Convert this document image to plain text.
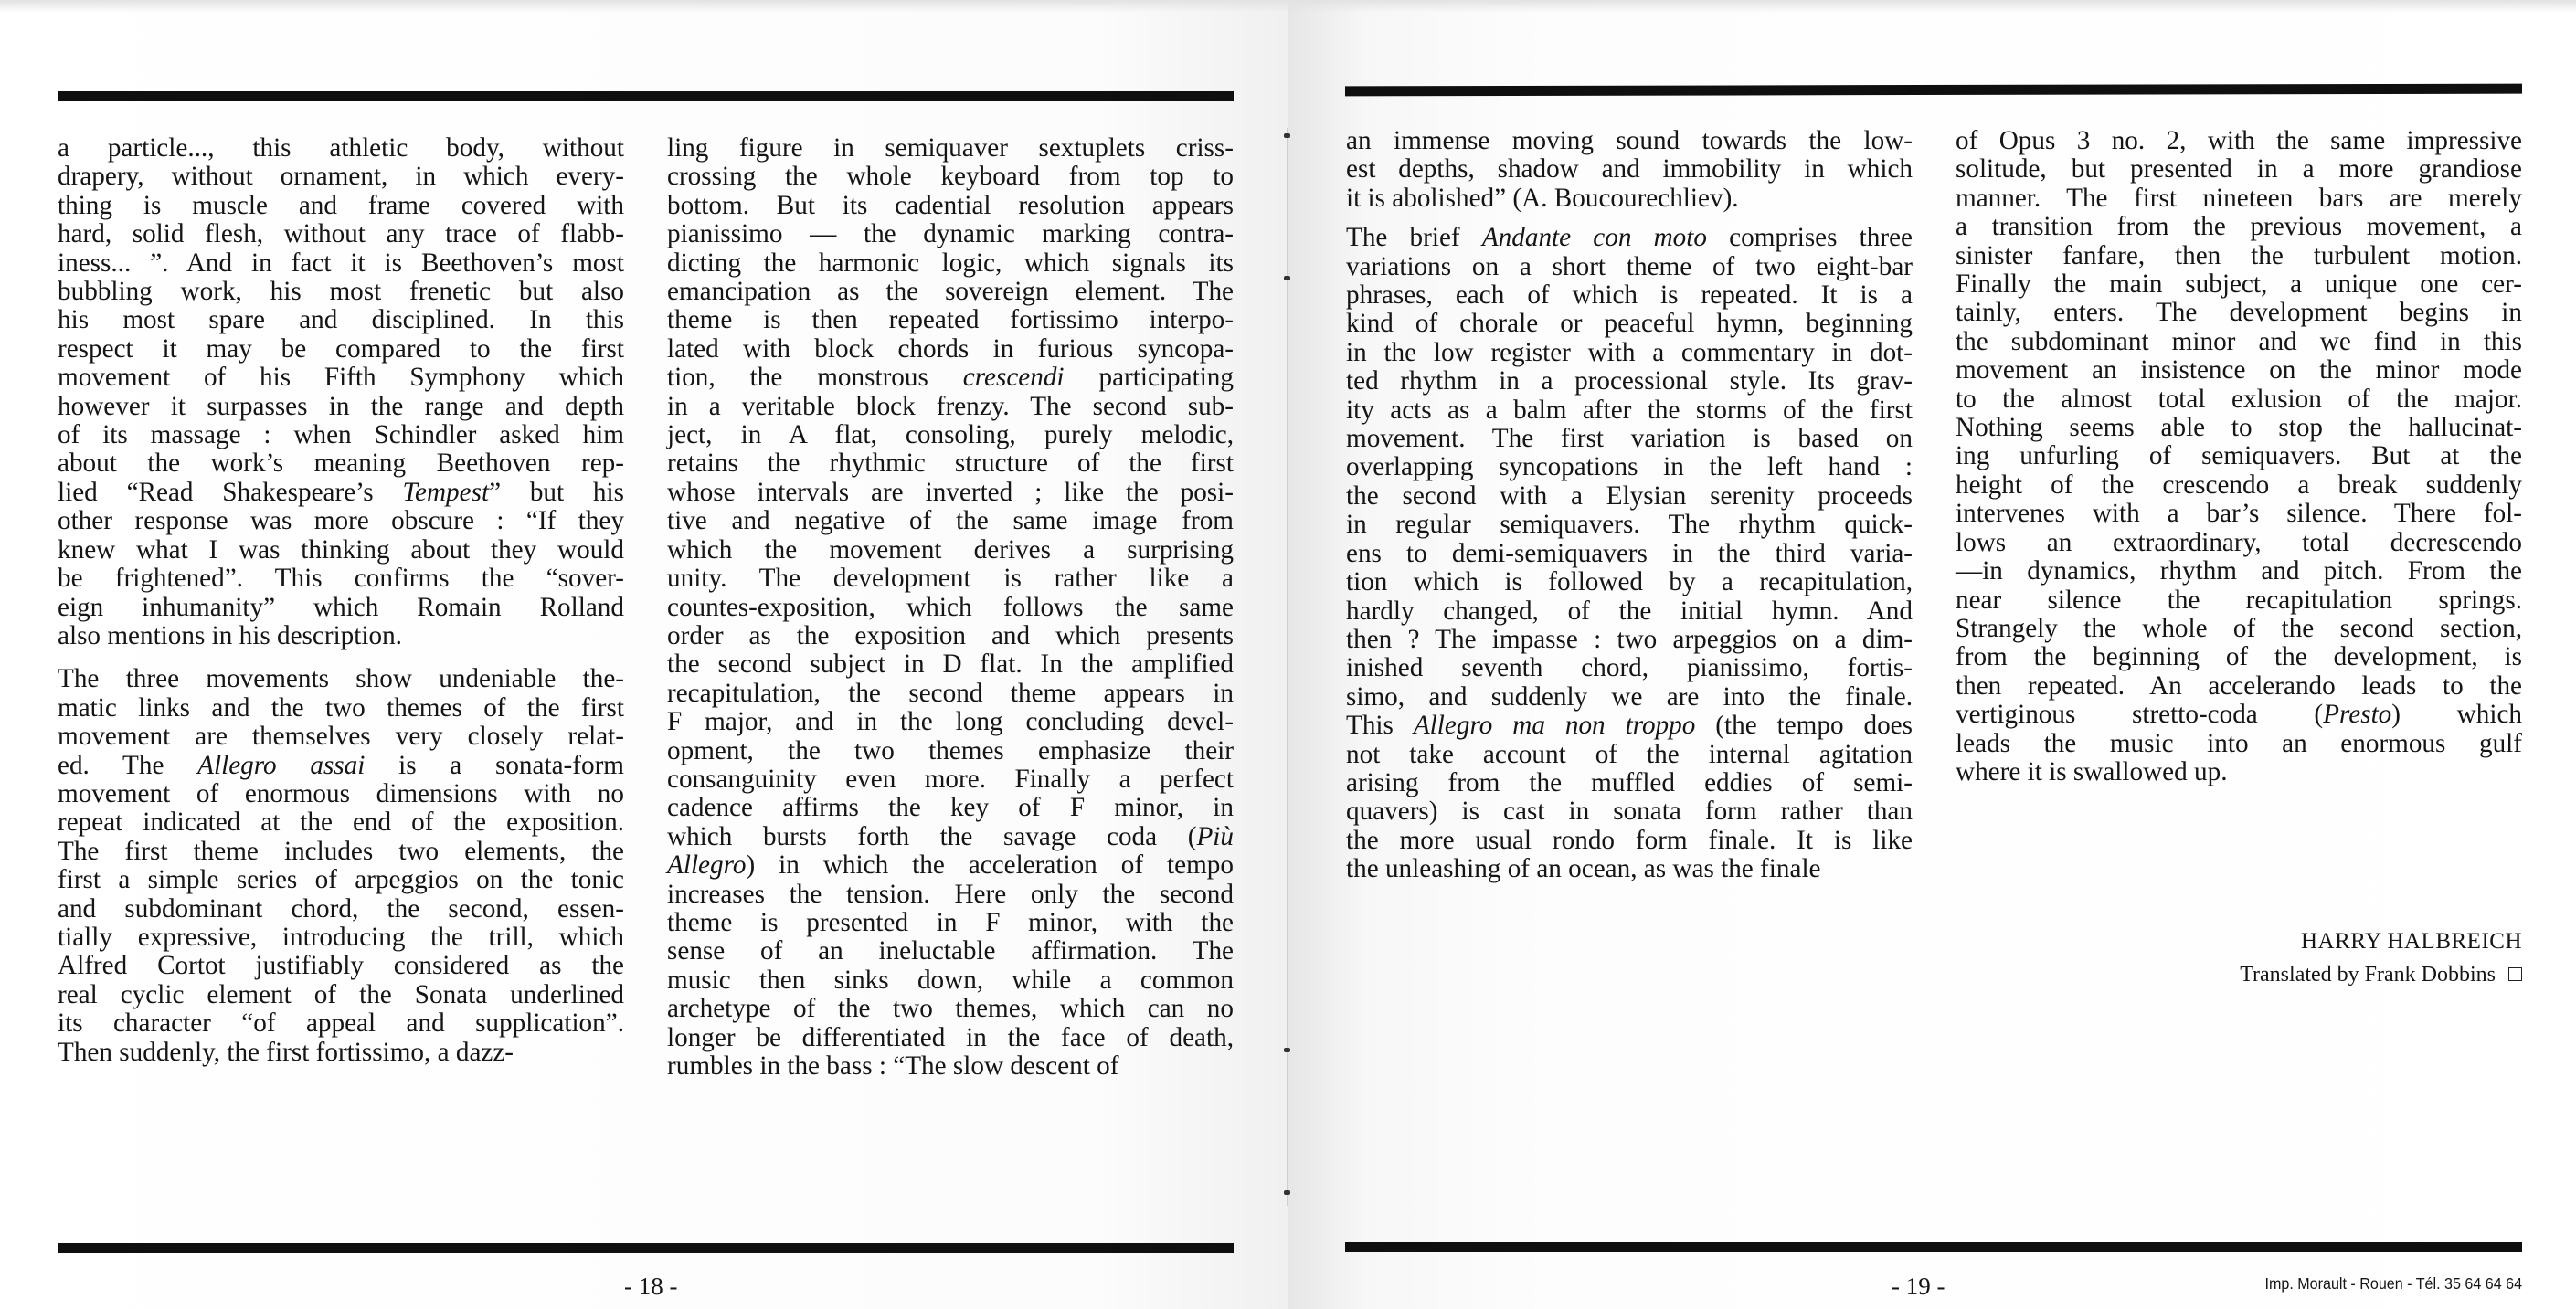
a particle..., this athletic body, without
drapery, without ornament, in which every-
thing is muscle and frame covered with
hard, solid flesh, without any trace of flabb-
iness... ”. And in fact it is Beethoven’s most
bubbling work, his most frenetic but also
his most spare and disciplined. In this
respect it may be compared to the first
movement of his Fifth Symphony which
however it surpasses in the range and depth
of its massage : when Schindler asked him
about the work’s meaning Beethoven rep-
lied “Read Shakespeare’s Tempest” but his
other response was more obscure : “If they
knew what I was thinking about they would
be frightened”. This confirms the “sover-
eign inhumanity” which Romain Rolland
also mentions in his description.

The three movements show undeniable the-
matic links and the two themes of the first
movement are themselves very closely relat-
ed. The Allegro assai is a sonata-form
movement of enormous dimensions with no
repeat indicated at the end of the exposition.
The first theme includes two elements, the
first a simple series of arpeggios on the tonic
and subdominant chord, the second, essen-
tially expressive, introducing the trill, which
Alfred Cortot justifiably considered as the
real cyclic element of the Sonata underlined
its character “of appeal and supplication”.
Then suddenly, the first fortissimo, a dazz-

ling figure in semiquaver sextuplets criss-
crossing the whole keyboard from top to
bottom. But its cadential resolution appears
pianissimo — the dynamic marking contra-
dicting the harmonic logic, which signals its
emancipation as the sovereign element. The
theme is then repeated fortissimo interpo-
lated with block chords in furious syncopa-
tion, the monstrous crescendi participating
in a veritable block frenzy. The second sub-
ject, in A flat, consoling, purely melodic,
retains the rhythmic structure of the first
whose intervals are inverted ; like the posi-
tive and negative of the same image from
which the movement derives a surprising
unity. The development is rather like a
countes-exposition, which follows the same
order as the exposition and which presents
the second subject in D flat. In the amplified
recapitulation, the second theme appears in
F major, and in the long concluding devel-
opment, the two themes emphasize their
consanguinity even more. Finally a perfect
cadence affirms the key of F minor, in
which bursts forth the savage coda (Più
Allegro) in which the acceleration of tempo
increases the tension. Here only the second
theme is presented in F minor, with the
sense of an ineluctable affirmation. The
music then sinks down, while a common
archetype of the two themes, which can no
longer be differentiated in the face of death,
rumbles in the bass : “The slow descent of

an immense moving sound towards the low-
est depths, shadow and immobility in which
it is abolished” (A. Boucourechliev).

The brief Andante con moto comprises three
variations on a short theme of two eight-bar
phrases, each of which is repeated. It is a
kind of chorale or peaceful hymn, beginning
in the low register with a commentary in dot-
ted rhythm in a processional style. Its grav-
ity acts as a balm after the storms of the first
movement. The first variation is based on
overlapping syncopations in the left hand :
the second with a Elysian serenity proceeds
in regular semiquavers. The rhythm quick-
ens to demi-semiquavers in the third varia-
tion which is followed by a recapitulation,
hardly changed, of the initial hymn. And
then ? The impasse : two arpeggios on a dim-
inished seventh chord, pianissimo, fortis-
simo, and suddenly we are into the finale.
This Allegro ma non troppo (the tempo does
not take account of the internal agitation
arising from the muffled eddies of semi-
quavers) is cast in sonata form rather than
the more usual rondo form finale. It is like
the unleashing of an ocean, as was the finale

of Opus 3 no. 2, with the same impressive
solitude, but presented in a more grandiose
manner. The first nineteen bars are merely
a transition from the previous movement, a
sinister fanfare, then the turbulent motion.
Finally the main subject, a unique one cer-
tainly, enters. The development begins in
the subdominant minor and we find in this
movement an insistence on the minor mode
to the almost total exlusion of the major.
Nothing seems able to stop the hallucinat-
ing unfurling of semiquavers. But at the
height of the crescendo a break suddenly
intervenes with a bar’s silence. There fol-
lows an extraordinary, total decrescendo
—in dynamics, rhythm and pitch. From the
near silence the recapitulation springs.
Strangely the whole of the second section,
from the beginning of the development, is
then repeated. An accelerando leads to the
vertiginous stretto-coda (Presto) which
leads the music into an enormous gulf
where it is swallowed up.

HARRY HALBREICH
Translated by Frank Dobbins
- 18 -	- 19 -	Imp. Morault - Rouen - Tél. 35 64 64 64
